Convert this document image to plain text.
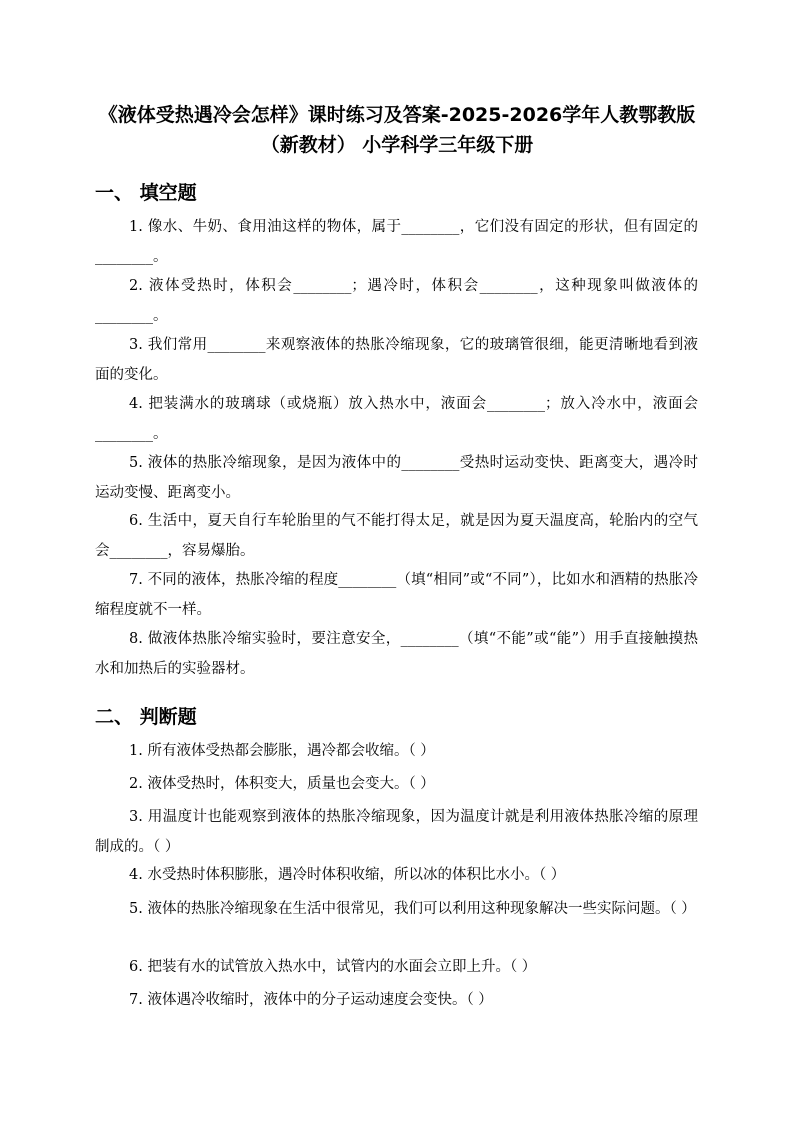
《液体受热遇冷会怎样》课时练习及答案-2025-2026学年人教鄂教版
（新教材） 小学科学三年级下册
一、 填空题
1. 像水、牛奶、食用油这样的物体，属于________，它们没有固定的形状，但有固定的________。
2. 液体受热时，体积会________；遇冷时，体积会________，这种现象叫做液体的________。
3. 我们常用________来观察液体的热胀冷缩现象，它的玻璃管很细，能更清晰地看到液面的变化。
4. 把装满水的玻璃球（或烧瓶）放入热水中，液面会________；放入冷水中，液面会________。
5. 液体的热胀冷缩现象，是因为液体中的________受热时运动变快、距离变大，遇冷时运动变慢、距离变小。
6. 生活中，夏天自行车轮胎里的气不能打得太足，就是因为夏天温度高，轮胎内的空气会________，容易爆胎。
7. 不同的液体，热胀冷缩的程度________（填“相同”或“不同”），比如水和酒精的热胀冷缩程度就不一样。
8. 做液体热胀冷缩实验时，要注意安全，________（填“不能”或“能”）用手直接触摸热水和加热后的实验器材。
二、 判断题
1. 所有液体受热都会膨胀，遇冷都会收缩。（ ）
2. 液体受热时，体积变大，质量也会变大。（ ）
3. 用温度计也能观察到液体的热胀冷缩现象，因为温度计就是利用液体热胀冷缩的原理制成的。（ ）
4. 水受热时体积膨胀，遇冷时体积收缩，所以冰的体积比水小。（ ）
5. 液体的热胀冷缩现象在生活中很常见，我们可以利用这种现象解决一些实际问题。（ ）
6. 把装有水的试管放入热水中，试管内的水面会立即上升。（ ）
7. 液体遇冷收缩时，液体中的分子运动速度会变快。（ ）
